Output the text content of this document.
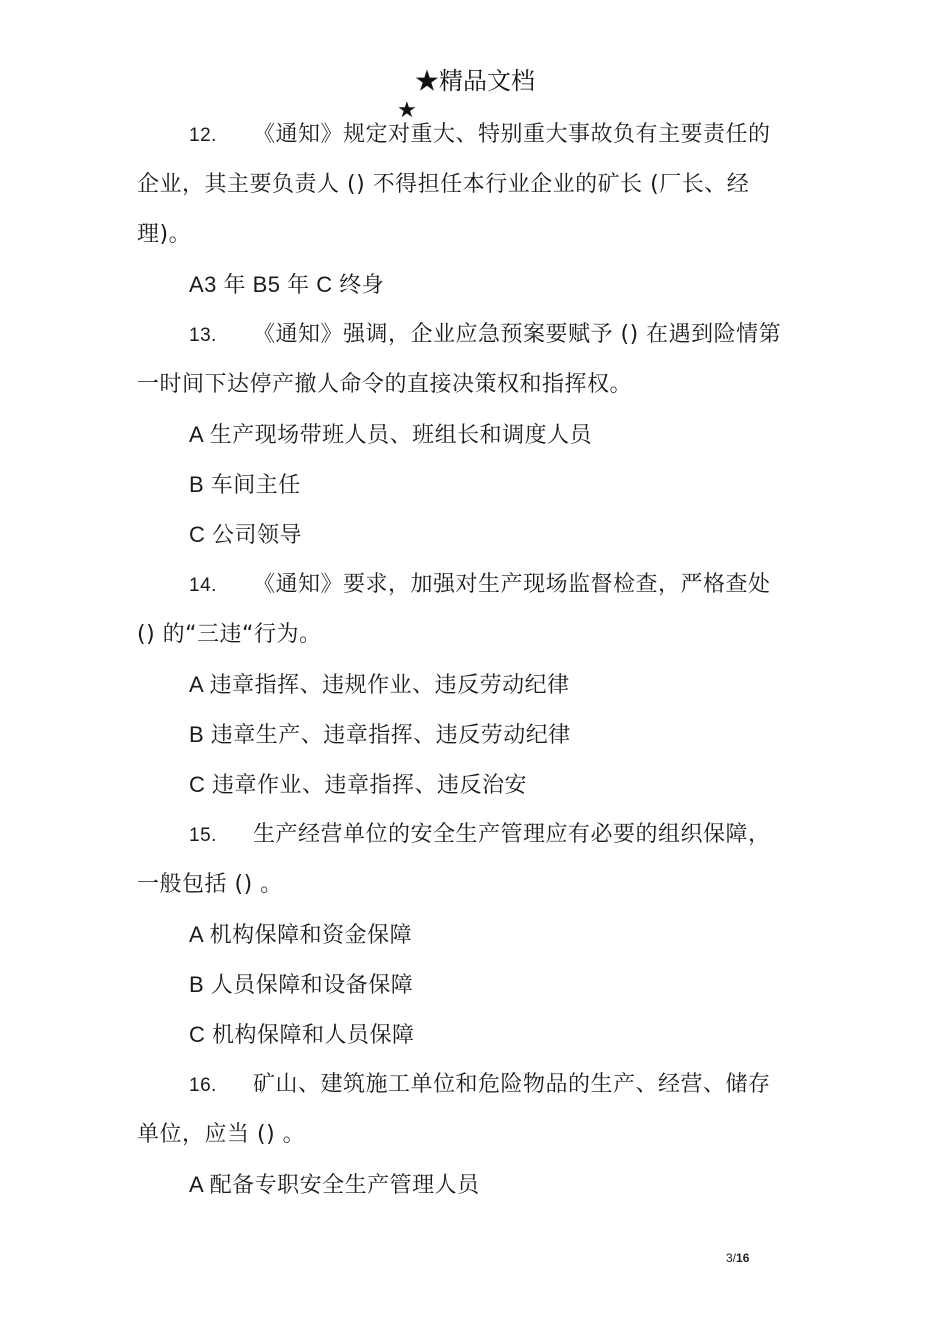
★精品文档
★
12. 《通知》规定对重大、特别重大事故负有主要责任的
企业，其主要负责人 () 不得担任本行业企业的矿长 (厂长、经
理)。
A3 年 B5 年 C 终身
13. 《通知》强调，企业应急预案要赋予 () 在遇到险情第
一时间下达停产撤人命令的直接决策权和指挥权。
A 生产现场带班人员、班组长和调度人员
B 车间主任
C 公司领导
14. 《通知》要求，加强对生产现场监督检查，严格查处
() 的“三违“行为。
A 违章指挥、违规作业、违反劳动纪律
B 违章生产、违章指挥、违反劳动纪律
C 违章作业、违章指挥、违反治安
15. 生产经营单位的安全生产管理应有必要的组织保障，
一般包括 () 。
A 机构保障和资金保障
B 人员保障和设备保障
C 机构保障和人员保障
16. 矿山、建筑施工单位和危险物品的生产、经营、储存
单位，应当 () 。
A 配备专职安全生产管理人员
3/16
